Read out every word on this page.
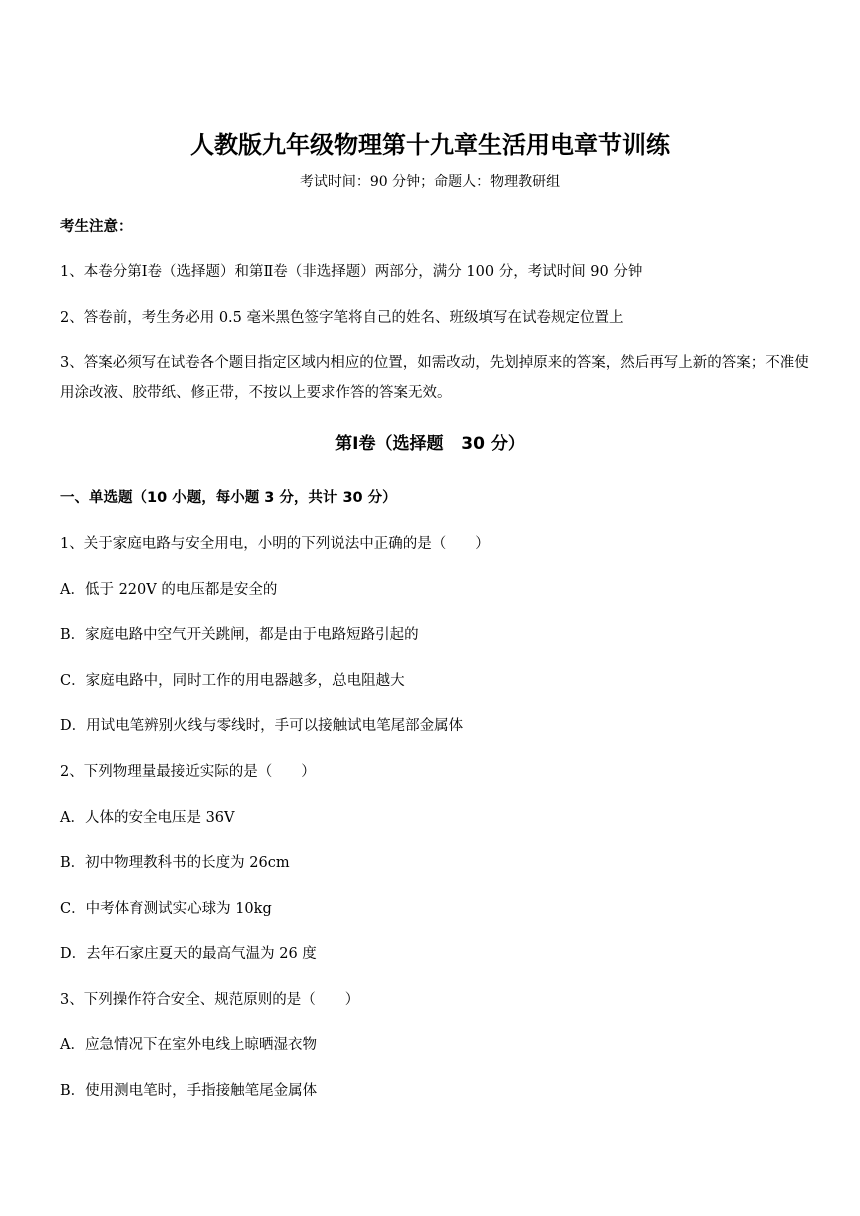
人教版九年级物理第十九章生活用电章节训练
考试时间：90 分钟；命题人：物理教研组
考生注意：
1、本卷分第Ⅰ卷（选择题）和第Ⅱ卷（非选择题）两部分，满分 100 分，考试时间 90 分钟
2、答卷前，考生务必用 0.5 毫米黑色签字笔将自己的姓名、班级填写在试卷规定位置上
3、答案必须写在试卷各个题目指定区域内相应的位置，如需改动，先划掉原来的答案，然后再写上新的答案；不准使用涂改液、胶带纸、修正带，不按以上要求作答的答案无效。
第Ⅰ卷（选择题   30 分）
一、单选题（10 小题，每小题 3 分，共计 30 分）
1、关于家庭电路与安全用电，小明的下列说法中正确的是（　　）
A．低于 220V 的电压都是安全的
B．家庭电路中空气开关跳闸，都是由于电路短路引起的
C．家庭电路中，同时工作的用电器越多，总电阻越大
D．用试电笔辨别火线与零线时，手可以接触试电笔尾部金属体
2、下列物理量最接近实际的是（　　）
A．人体的安全电压是 36V
B．初中物理教科书的长度为 26cm
C．中考体育测试实心球为 10kg
D．去年石家庄夏天的最高气温为 26 度
3、下列操作符合安全、规范原则的是（　　）
A．应急情况下在室外电线上晾晒湿衣物
B．使用测电笔时，手指接触笔尾金属体
